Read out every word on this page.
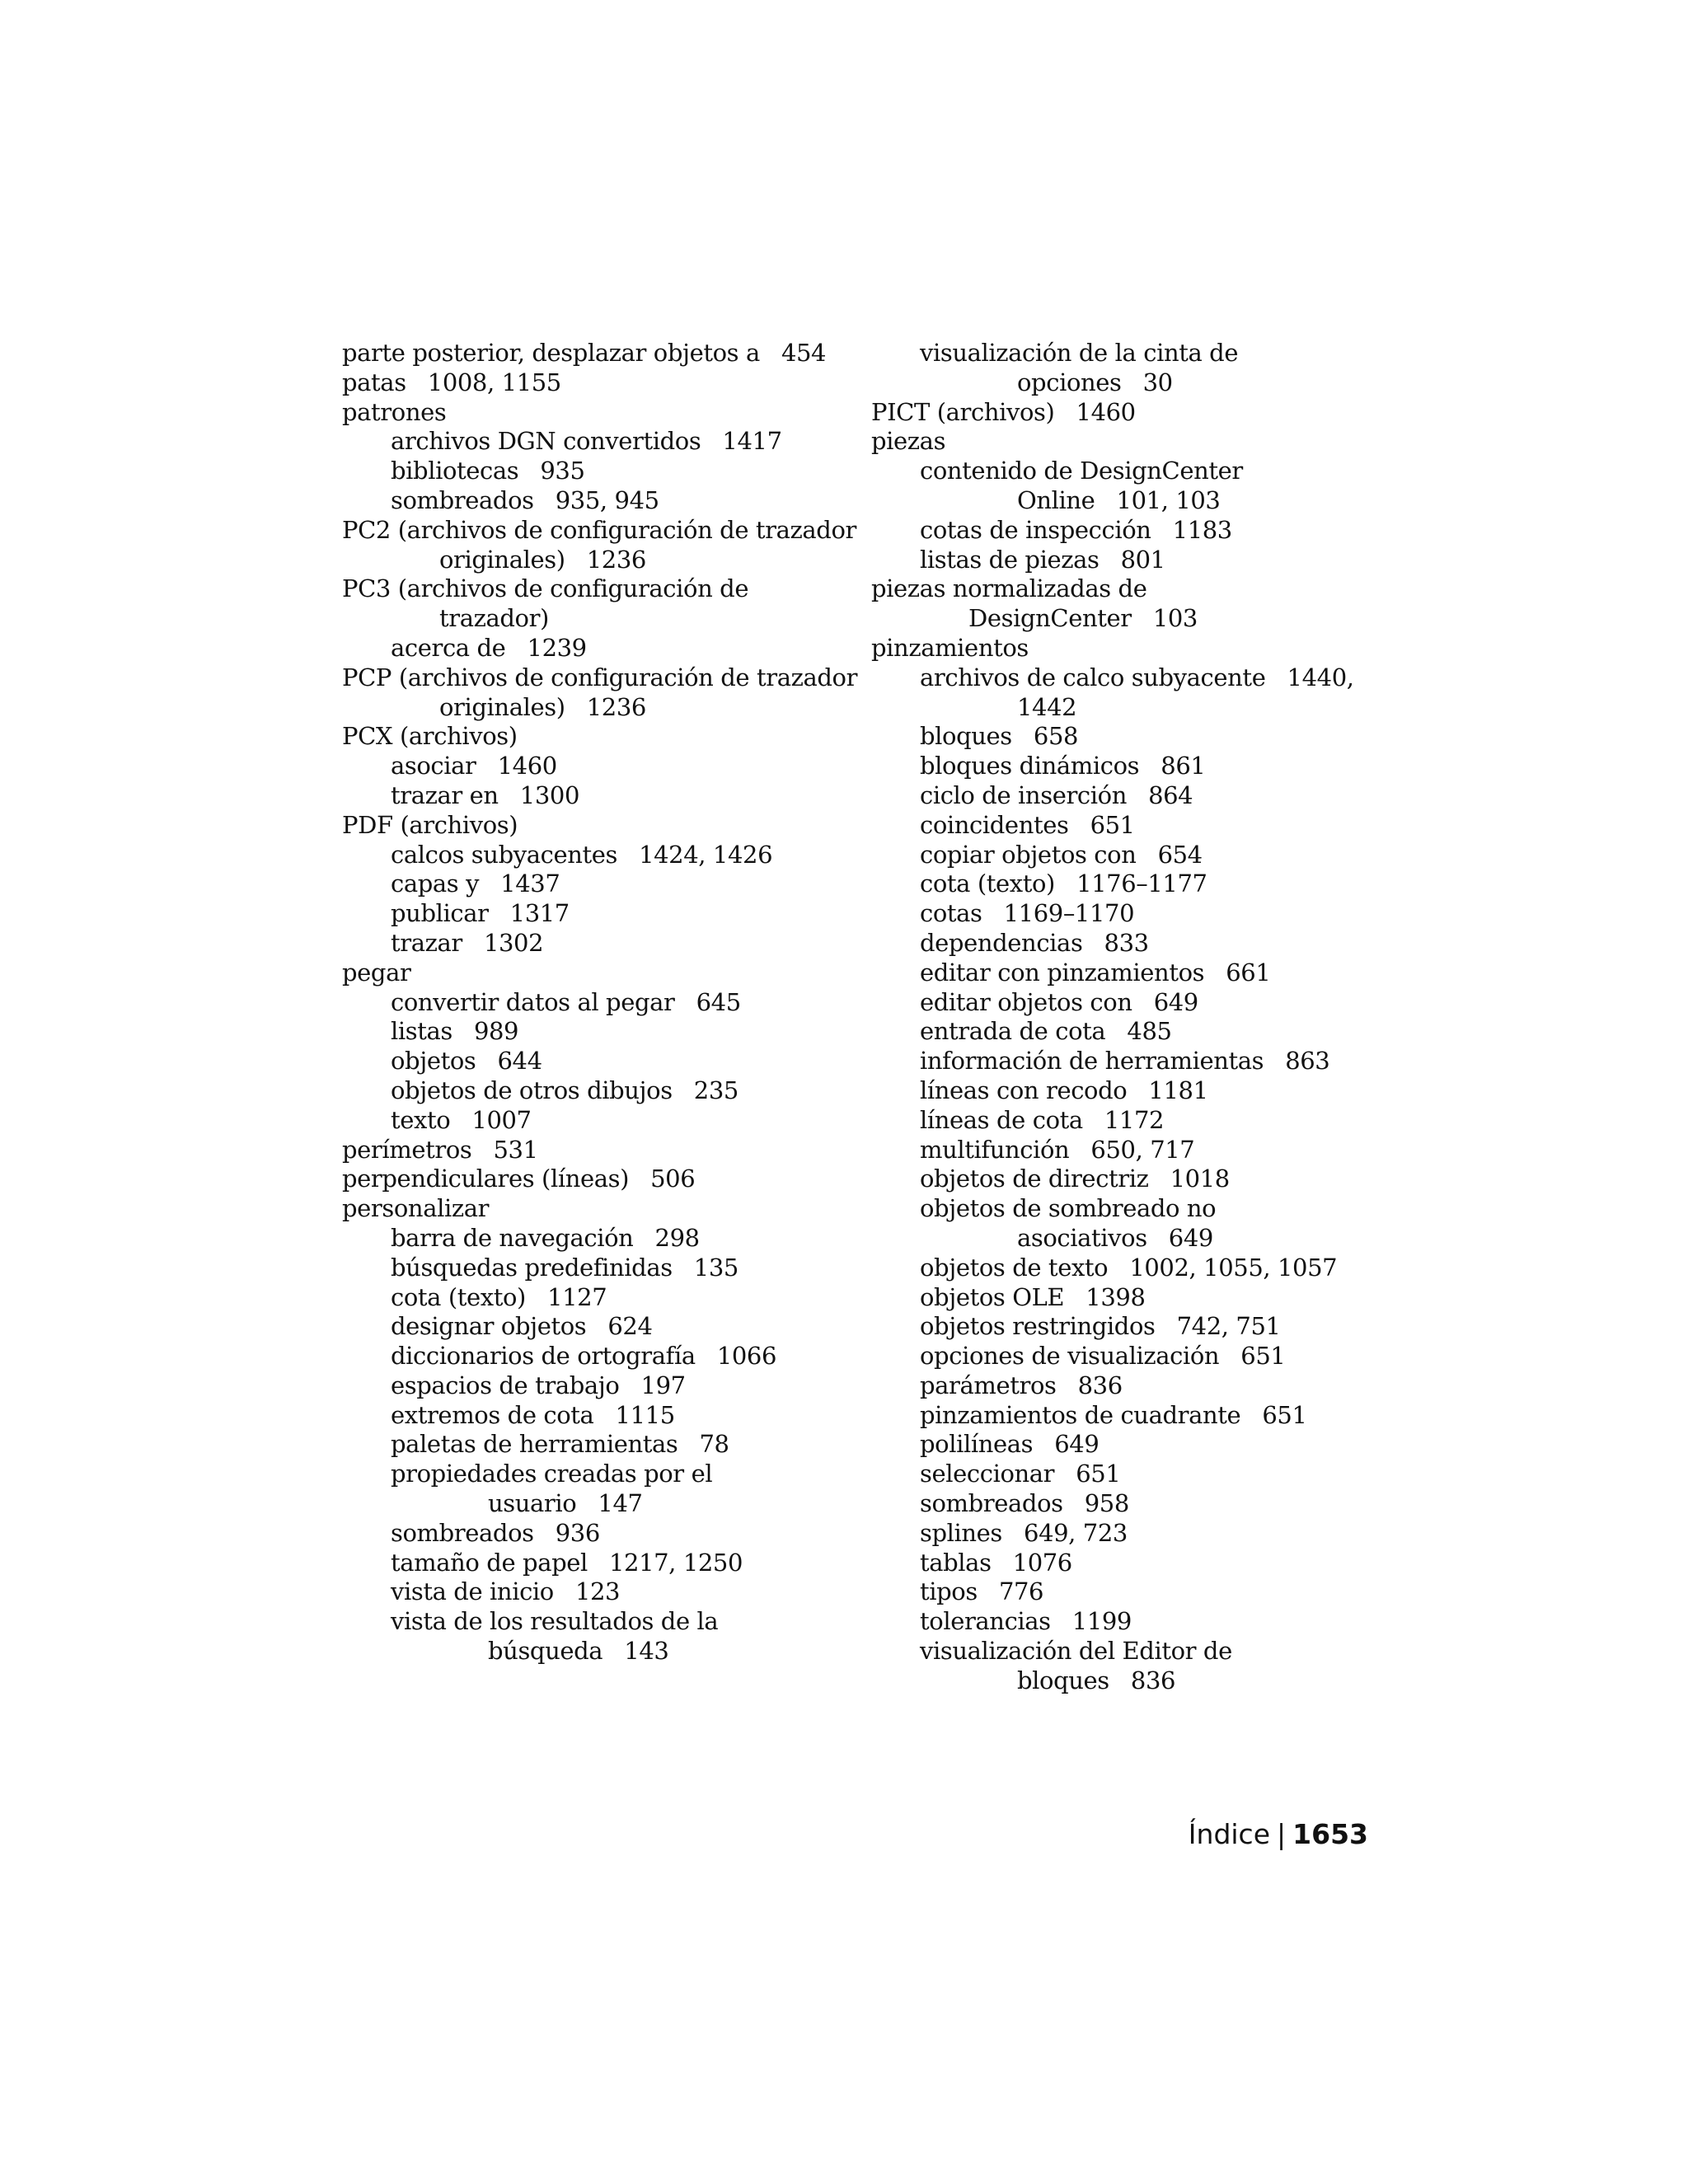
parte posterior, desplazar objetos a 454
patas 1008, 1155
patrones
archivos DGN convertidos 1417
bibliotecas 935
sombreados 935, 945
PC2 (archivos de configuración de trazador
originales) 1236
PC3 (archivos de configuración de
trazador)
acerca de 1239
PCP (archivos de configuración de trazador
originales) 1236
PCX (archivos)
asociar 1460
trazar en 1300
PDF (archivos)
calcos subyacentes 1424, 1426
capas y 1437
publicar 1317
trazar 1302
pegar
convertir datos al pegar 645
listas 989
objetos 644
objetos de otros dibujos 235
texto 1007
perímetros 531
perpendiculares (líneas) 506
personalizar
barra de navegación 298
búsquedas predefinidas 135
cota (texto) 1127
designar objetos 624
diccionarios de ortografía 1066
espacios de trabajo 197
extremos de cota 1115
paletas de herramientas 78
propiedades creadas por el
usuario 147
sombreados 936
tamaño de papel 1217, 1250
vista de inicio 123
vista de los resultados de la
búsqueda 143
visualización de la cinta de
opciones 30
PICT (archivos) 1460
piezas
contenido de DesignCenter
Online 101, 103
cotas de inspección 1183
listas de piezas 801
piezas normalizadas de
DesignCenter 103
pinzamientos
archivos de calco subyacente 1440,
1442
bloques 658
bloques dinámicos 861
ciclo de inserción 864
coincidentes 651
copiar objetos con 654
cota (texto) 1176–1177
cotas 1169–1170
dependencias 833
editar con pinzamientos 661
editar objetos con 649
entrada de cota 485
información de herramientas 863
líneas con recodo 1181
líneas de cota 1172
multifunción 650, 717
objetos de directriz 1018
objetos de sombreado no
asociativos 649
objetos de texto 1002, 1055, 1057
objetos OLE 1398
objetos restringidos 742, 751
opciones de visualización 651
parámetros 836
pinzamientos de cuadrante 651
polilíneas 649
seleccionar 651
sombreados 958
splines 649, 723
tablas 1076
tipos 776
tolerancias 1199
visualización del Editor de
bloques 836
Índice | 1653
